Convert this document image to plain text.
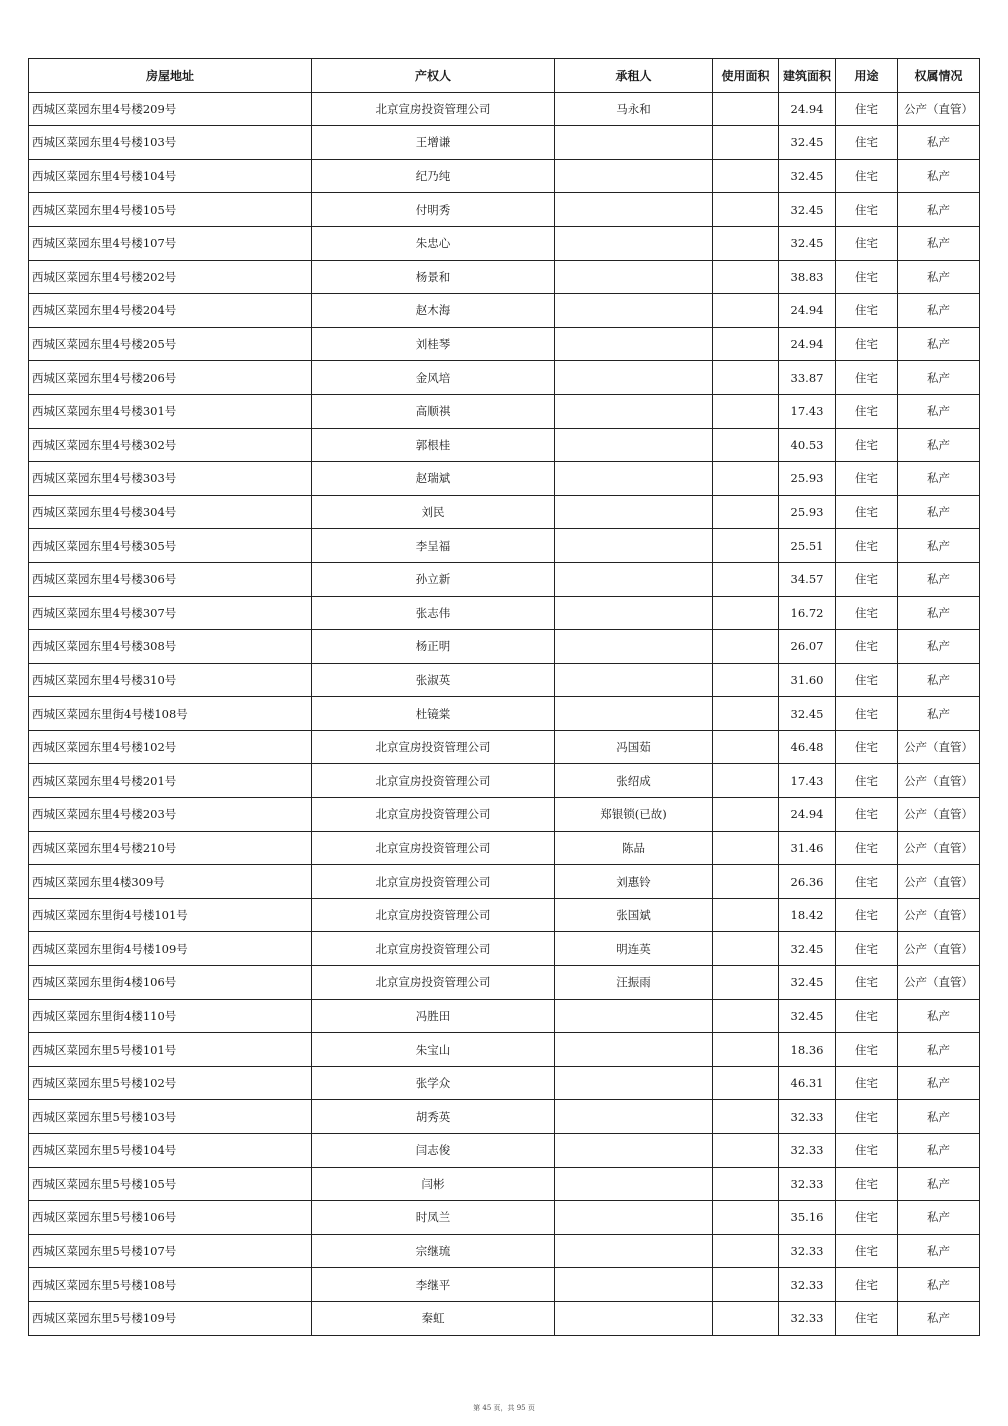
房屋地址	产权人	承租人	使用面积	建筑面积	用途	权属情况
西城区菜园东里4号楼209号	北京宣房投资管理公司	马永和		24.94	住宅	公产（直管）
西城区菜园东里4号楼103号	王增谦			32.45	住宅	私产
西城区菜园东里4号楼104号	纪乃纯			32.45	住宅	私产
西城区菜园东里4号楼105号	付明秀			32.45	住宅	私产
西城区菜园东里4号楼107号	朱忠心			32.45	住宅	私产
西城区菜园东里4号楼202号	杨景和			38.83	住宅	私产
西城区菜园东里4号楼204号	赵木海			24.94	住宅	私产
西城区菜园东里4号楼205号	刘桂琴			24.94	住宅	私产
西城区菜园东里4号楼206号	金风培			33.87	住宅	私产
西城区菜园东里4号楼301号	高顺祺			17.43	住宅	私产
西城区菜园东里4号楼302号	郭根桂			40.53	住宅	私产
西城区菜园东里4号楼303号	赵瑞斌			25.93	住宅	私产
西城区菜园东里4号楼304号	刘民			25.93	住宅	私产
西城区菜园东里4号楼305号	李呈福			25.51	住宅	私产
西城区菜园东里4号楼306号	孙立新			34.57	住宅	私产
西城区菜园东里4号楼307号	张志伟			16.72	住宅	私产
西城区菜园东里4号楼308号	杨正明			26.07	住宅	私产
西城区菜园东里4号楼310号	张淑英			31.60	住宅	私产
西城区菜园东里街4号楼108号	杜镜棠			32.45	住宅	私产
西城区菜园东里4号楼102号	北京宣房投资管理公司	冯国茹		46.48	住宅	公产（直管）
西城区菜园东里4号楼201号	北京宣房投资管理公司	张绍成		17.43	住宅	公产（直管）
西城区菜园东里4号楼203号	北京宣房投资管理公司	郑银锁(已故)		24.94	住宅	公产（直管）
西城区菜园东里4号楼210号	北京宣房投资管理公司	陈品		31.46	住宅	公产（直管）
西城区菜园东里4楼309号	北京宣房投资管理公司	刘惠铃		26.36	住宅	公产（直管）
西城区菜园东里街4号楼101号	北京宣房投资管理公司	张国斌		18.42	住宅	公产（直管）
西城区菜园东里街4号楼109号	北京宣房投资管理公司	明连英		32.45	住宅	公产（直管）
西城区菜园东里街4楼106号	北京宣房投资管理公司	汪振雨		32.45	住宅	公产（直管）
西城区菜园东里街4楼110号	冯胜田			32.45	住宅	私产
西城区菜园东里5号楼101号	朱宝山			18.36	住宅	私产
西城区菜园东里5号楼102号	张学众			46.31	住宅	私产
西城区菜园东里5号楼103号	胡秀英			32.33	住宅	私产
西城区菜园东里5号楼104号	闫志俊			32.33	住宅	私产
西城区菜园东里5号楼105号	闫彬			32.33	住宅	私产
西城区菜园东里5号楼106号	时凤兰			35.16	住宅	私产
西城区菜园东里5号楼107号	宗继琉			32.33	住宅	私产
西城区菜园东里5号楼108号	李继平			32.33	住宅	私产
西城区菜园东里5号楼109号	秦虹			32.33	住宅	私产
第 45 页，共 95 页
